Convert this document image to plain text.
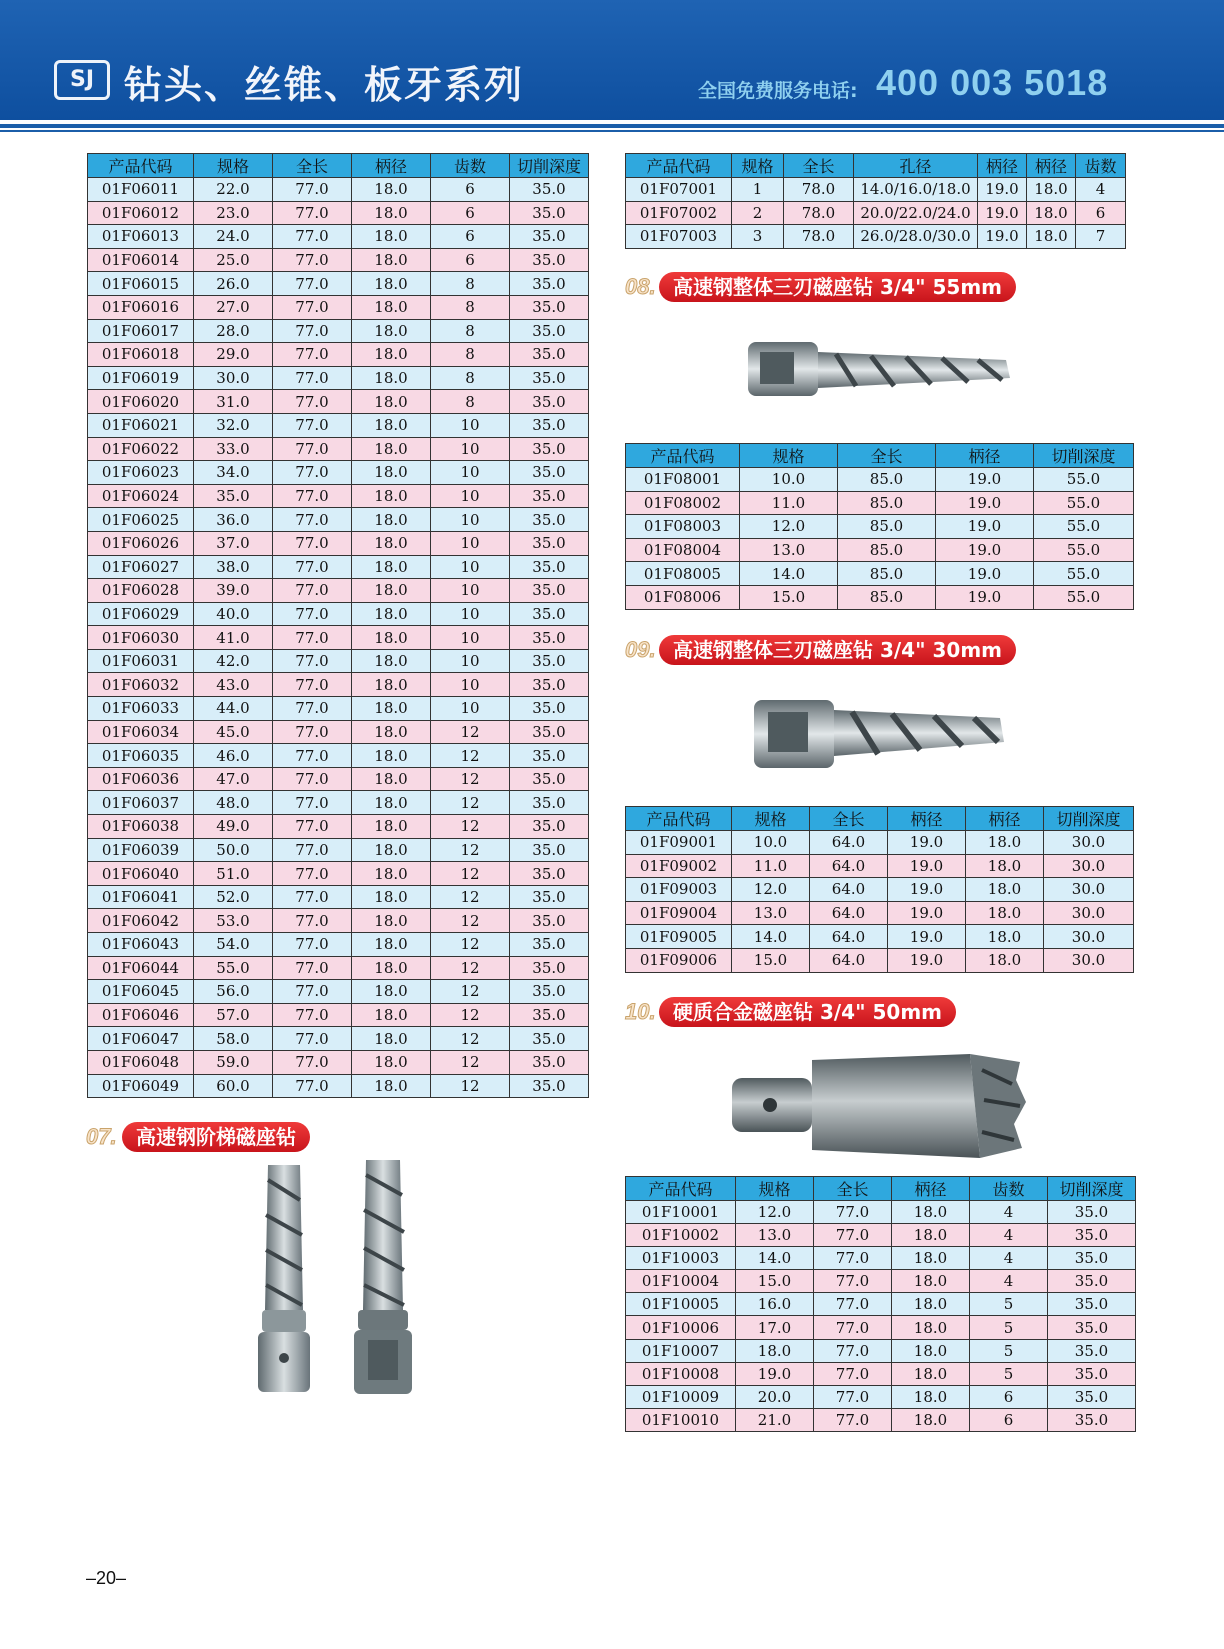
SJ 钻头、丝锥、板牙系列	全国免费服务电话: 400 003 5018
产品代码	规格	全长	柄径	齿数	切削深度
01F06011	22.0	77.0	18.0	6	35.0
01F06012	23.0	77.0	18.0	6	35.0
01F06013	24.0	77.0	18.0	6	35.0
01F06014	25.0	77.0	18.0	6	35.0
01F06015	26.0	77.0	18.0	8	35.0
01F06016	27.0	77.0	18.0	8	35.0
01F06017	28.0	77.0	18.0	8	35.0
01F06018	29.0	77.0	18.0	8	35.0
01F06019	30.0	77.0	18.0	8	35.0
01F06020	31.0	77.0	18.0	8	35.0
01F06021	32.0	77.0	18.0	10	35.0
01F06022	33.0	77.0	18.0	10	35.0
01F06023	34.0	77.0	18.0	10	35.0
01F06024	35.0	77.0	18.0	10	35.0
01F06025	36.0	77.0	18.0	10	35.0
01F06026	37.0	77.0	18.0	10	35.0
01F06027	38.0	77.0	18.0	10	35.0
01F06028	39.0	77.0	18.0	10	35.0
01F06029	40.0	77.0	18.0	10	35.0
01F06030	41.0	77.0	18.0	10	35.0
01F06031	42.0	77.0	18.0	10	35.0
01F06032	43.0	77.0	18.0	10	35.0
01F06033	44.0	77.0	18.0	10	35.0
01F06034	45.0	77.0	18.0	12	35.0
01F06035	46.0	77.0	18.0	12	35.0
01F06036	47.0	77.0	18.0	12	35.0
01F06037	48.0	77.0	18.0	12	35.0
01F06038	49.0	77.0	18.0	12	35.0
01F06039	50.0	77.0	18.0	12	35.0
01F06040	51.0	77.0	18.0	12	35.0
01F06041	52.0	77.0	18.0	12	35.0
01F06042	53.0	77.0	18.0	12	35.0
01F06043	54.0	77.0	18.0	12	35.0
01F06044	55.0	77.0	18.0	12	35.0
01F06045	56.0	77.0	18.0	12	35.0
01F06046	57.0	77.0	18.0	12	35.0
01F06047	58.0	77.0	18.0	12	35.0
01F06048	59.0	77.0	18.0	12	35.0
01F06049	60.0	77.0	18.0	12	35.0
07. 高速钢阶梯磁座钻
产品代码	规格	全长	孔径	柄径	柄径	齿数
01F07001	1	78.0	14.0/16.0/18.0	19.0	18.0	4
01F07002	2	78.0	20.0/22.0/24.0	19.0	18.0	6
01F07003	3	78.0	26.0/28.0/30.0	19.0	18.0	7
08. 高速钢整体三刃磁座钻 3/4" 55mm
产品代码	规格	全长	柄径	切削深度
01F08001	10.0	85.0	19.0	55.0
01F08002	11.0	85.0	19.0	55.0
01F08003	12.0	85.0	19.0	55.0
01F08004	13.0	85.0	19.0	55.0
01F08005	14.0	85.0	19.0	55.0
01F08006	15.0	85.0	19.0	55.0
09. 高速钢整体三刃磁座钻 3/4" 30mm
产品代码	规格	全长	柄径	柄径	切削深度
01F09001	10.0	64.0	19.0	18.0	30.0
01F09002	11.0	64.0	19.0	18.0	30.0
01F09003	12.0	64.0	19.0	18.0	30.0
01F09004	13.0	64.0	19.0	18.0	30.0
01F09005	14.0	64.0	19.0	18.0	30.0
01F09006	15.0	64.0	19.0	18.0	30.0
10. 硬质合金磁座钻 3/4" 50mm
产品代码	规格	全长	柄径	齿数	切削深度
01F10001	12.0	77.0	18.0	4	35.0
01F10002	13.0	77.0	18.0	4	35.0
01F10003	14.0	77.0	18.0	4	35.0
01F10004	15.0	77.0	18.0	4	35.0
01F10005	16.0	77.0	18.0	5	35.0
01F10006	17.0	77.0	18.0	5	35.0
01F10007	18.0	77.0	18.0	5	35.0
01F10008	19.0	77.0	18.0	5	35.0
01F10009	20.0	77.0	18.0	6	35.0
01F10010	21.0	77.0	18.0	6	35.0
–20–
